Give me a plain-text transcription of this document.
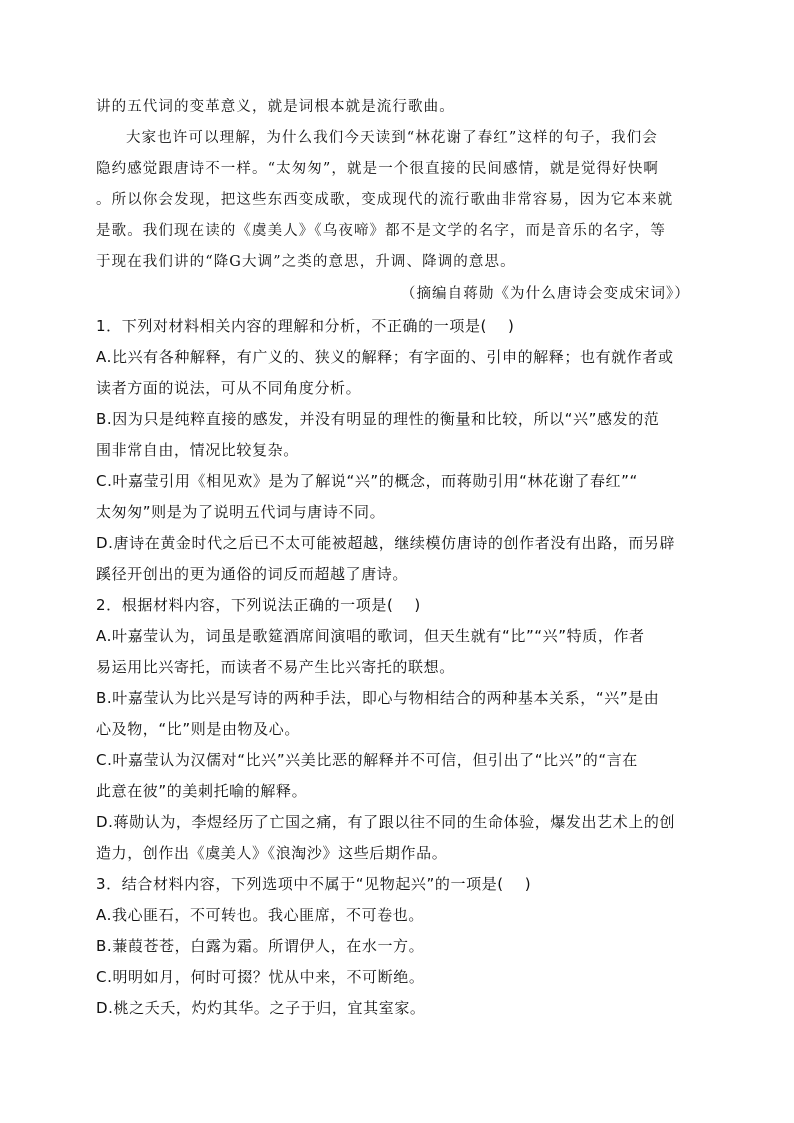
讲的五代词的变革意义，就是词根本就是流行歌曲。
大家也许可以理解，为什么我们今天读到“林花谢了春红”这样的句子，我们会
隐约感觉跟唐诗不一样。“太匆匆”，就是一个很直接的民间感情，就是觉得好快啊
。所以你会发现，把这些东西变成歌，变成现代的流行歌曲非常容易，因为它本来就
是歌。我们现在读的《虞美人》《乌夜啼》都不是文学的名字，而是音乐的名字，等
于现在我们讲的“降G大调”之类的意思，升调、降调的意思。
（摘编自蒋勋《为什么唐诗会变成宋词》）
1．下列对材料相关内容的理解和分析，不正确的一项是(　 )
A.比兴有各种解释，有广义的、狭义的解释；有字面的、引申的解释；也有就作者或
读者方面的说法，可从不同角度分析。
B.因为只是纯粹直接的感发，并没有明显的理性的衡量和比较，所以“兴”感发的范
围非常自由，情况比较复杂。
C.叶嘉莹引用《相见欢》是为了解说“兴”的概念，而蒋勋引用“林花谢了春红”“
太匆匆”则是为了说明五代词与唐诗不同。
D.唐诗在黄金时代之后已不太可能被超越，继续模仿唐诗的创作者没有出路，而另辟
蹊径开创出的更为通俗的词反而超越了唐诗。
2．根据材料内容，下列说法正确的一项是(　 )
A.叶嘉莹认为，词虽是歌筵酒席间演唱的歌词，但天生就有“比”“兴”特质，作者
易运用比兴寄托，而读者不易产生比兴寄托的联想。
B.叶嘉莹认为比兴是写诗的两种手法，即心与物相结合的两种基本关系，“兴”是由
心及物，“比”则是由物及心。
C.叶嘉莹认为汉儒对“比兴”兴美比恶的解释并不可信，但引出了“比兴”的“言在
此意在彼”的美刺托喻的解释。
D.蒋勋认为，李煜经历了亡国之痛，有了跟以往不同的生命体验，爆发出艺术上的创
造力，创作出《虞美人》《浪淘沙》这些后期作品。
3．结合材料内容，下列选项中不属于“见物起兴”的一项是(　 )
A.我心匪石，不可转也。我心匪席，不可卷也。
B.蒹葭苍苍，白露为霜。所谓伊人，在水一方。
C.明明如月，何时可掇？忧从中来，不可断绝。
D.桃之夭夭，灼灼其华。之子于归，宜其室家。
